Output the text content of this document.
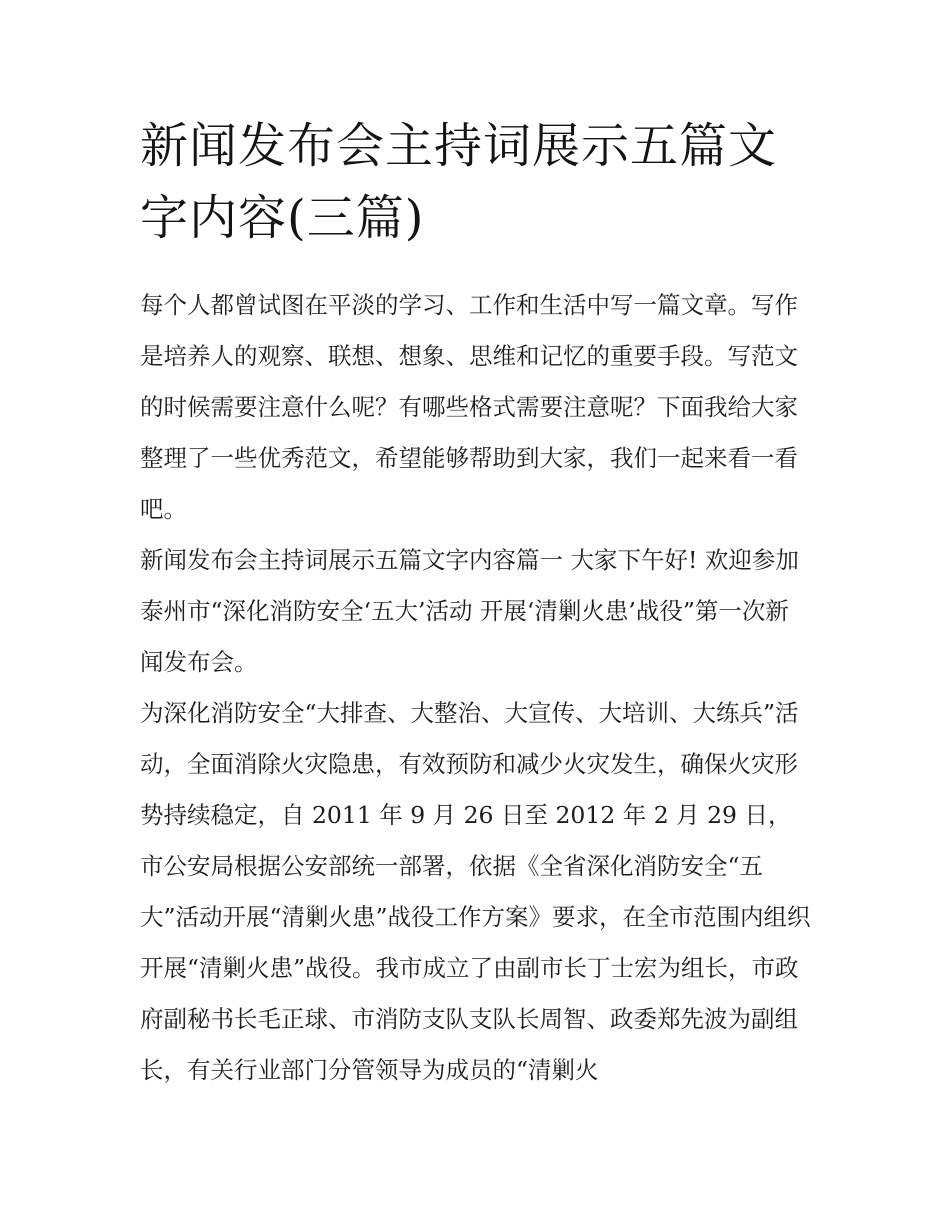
新闻发布会主持词展示五篇文字内容(三篇)

每个人都曾试图在平淡的学习、工作和生活中写一篇文章。写作是培养人的观察、联想、想象、思维和记忆的重要手段。写范文的时候需要注意什么呢？有哪些格式需要注意呢？下面我给大家整理了一些优秀范文，希望能够帮助到大家，我们一起来看一看吧。

新闻发布会主持词展示五篇文字内容篇一 大家下午好! 欢迎参加泰州市“深化消防安全‘五大’活动 开展‘清剿火患’战役”第一次新闻发布会。

为深化消防安全“大排查、大整治、大宣传、大培训、大练兵”活动，全面消除火灾隐患，有效预防和减少火灾发生，确保火灾形势持续稳定，自 2011 年 9 月 26 日至 2012 年 2 月 29 日，市公安局根据公安部统一部署，依据《全省深化消防安全“五大”活动开展“清剿火患”战役工作方案》要求，在全市范围内组织开展“清剿火患”战役。我市成立了由副市长丁士宏为组长，市政府副秘书长毛正球、市消防支队支队长周智、政委郑先波为副组长，有关行业部门分管领导为成员的“清剿火
